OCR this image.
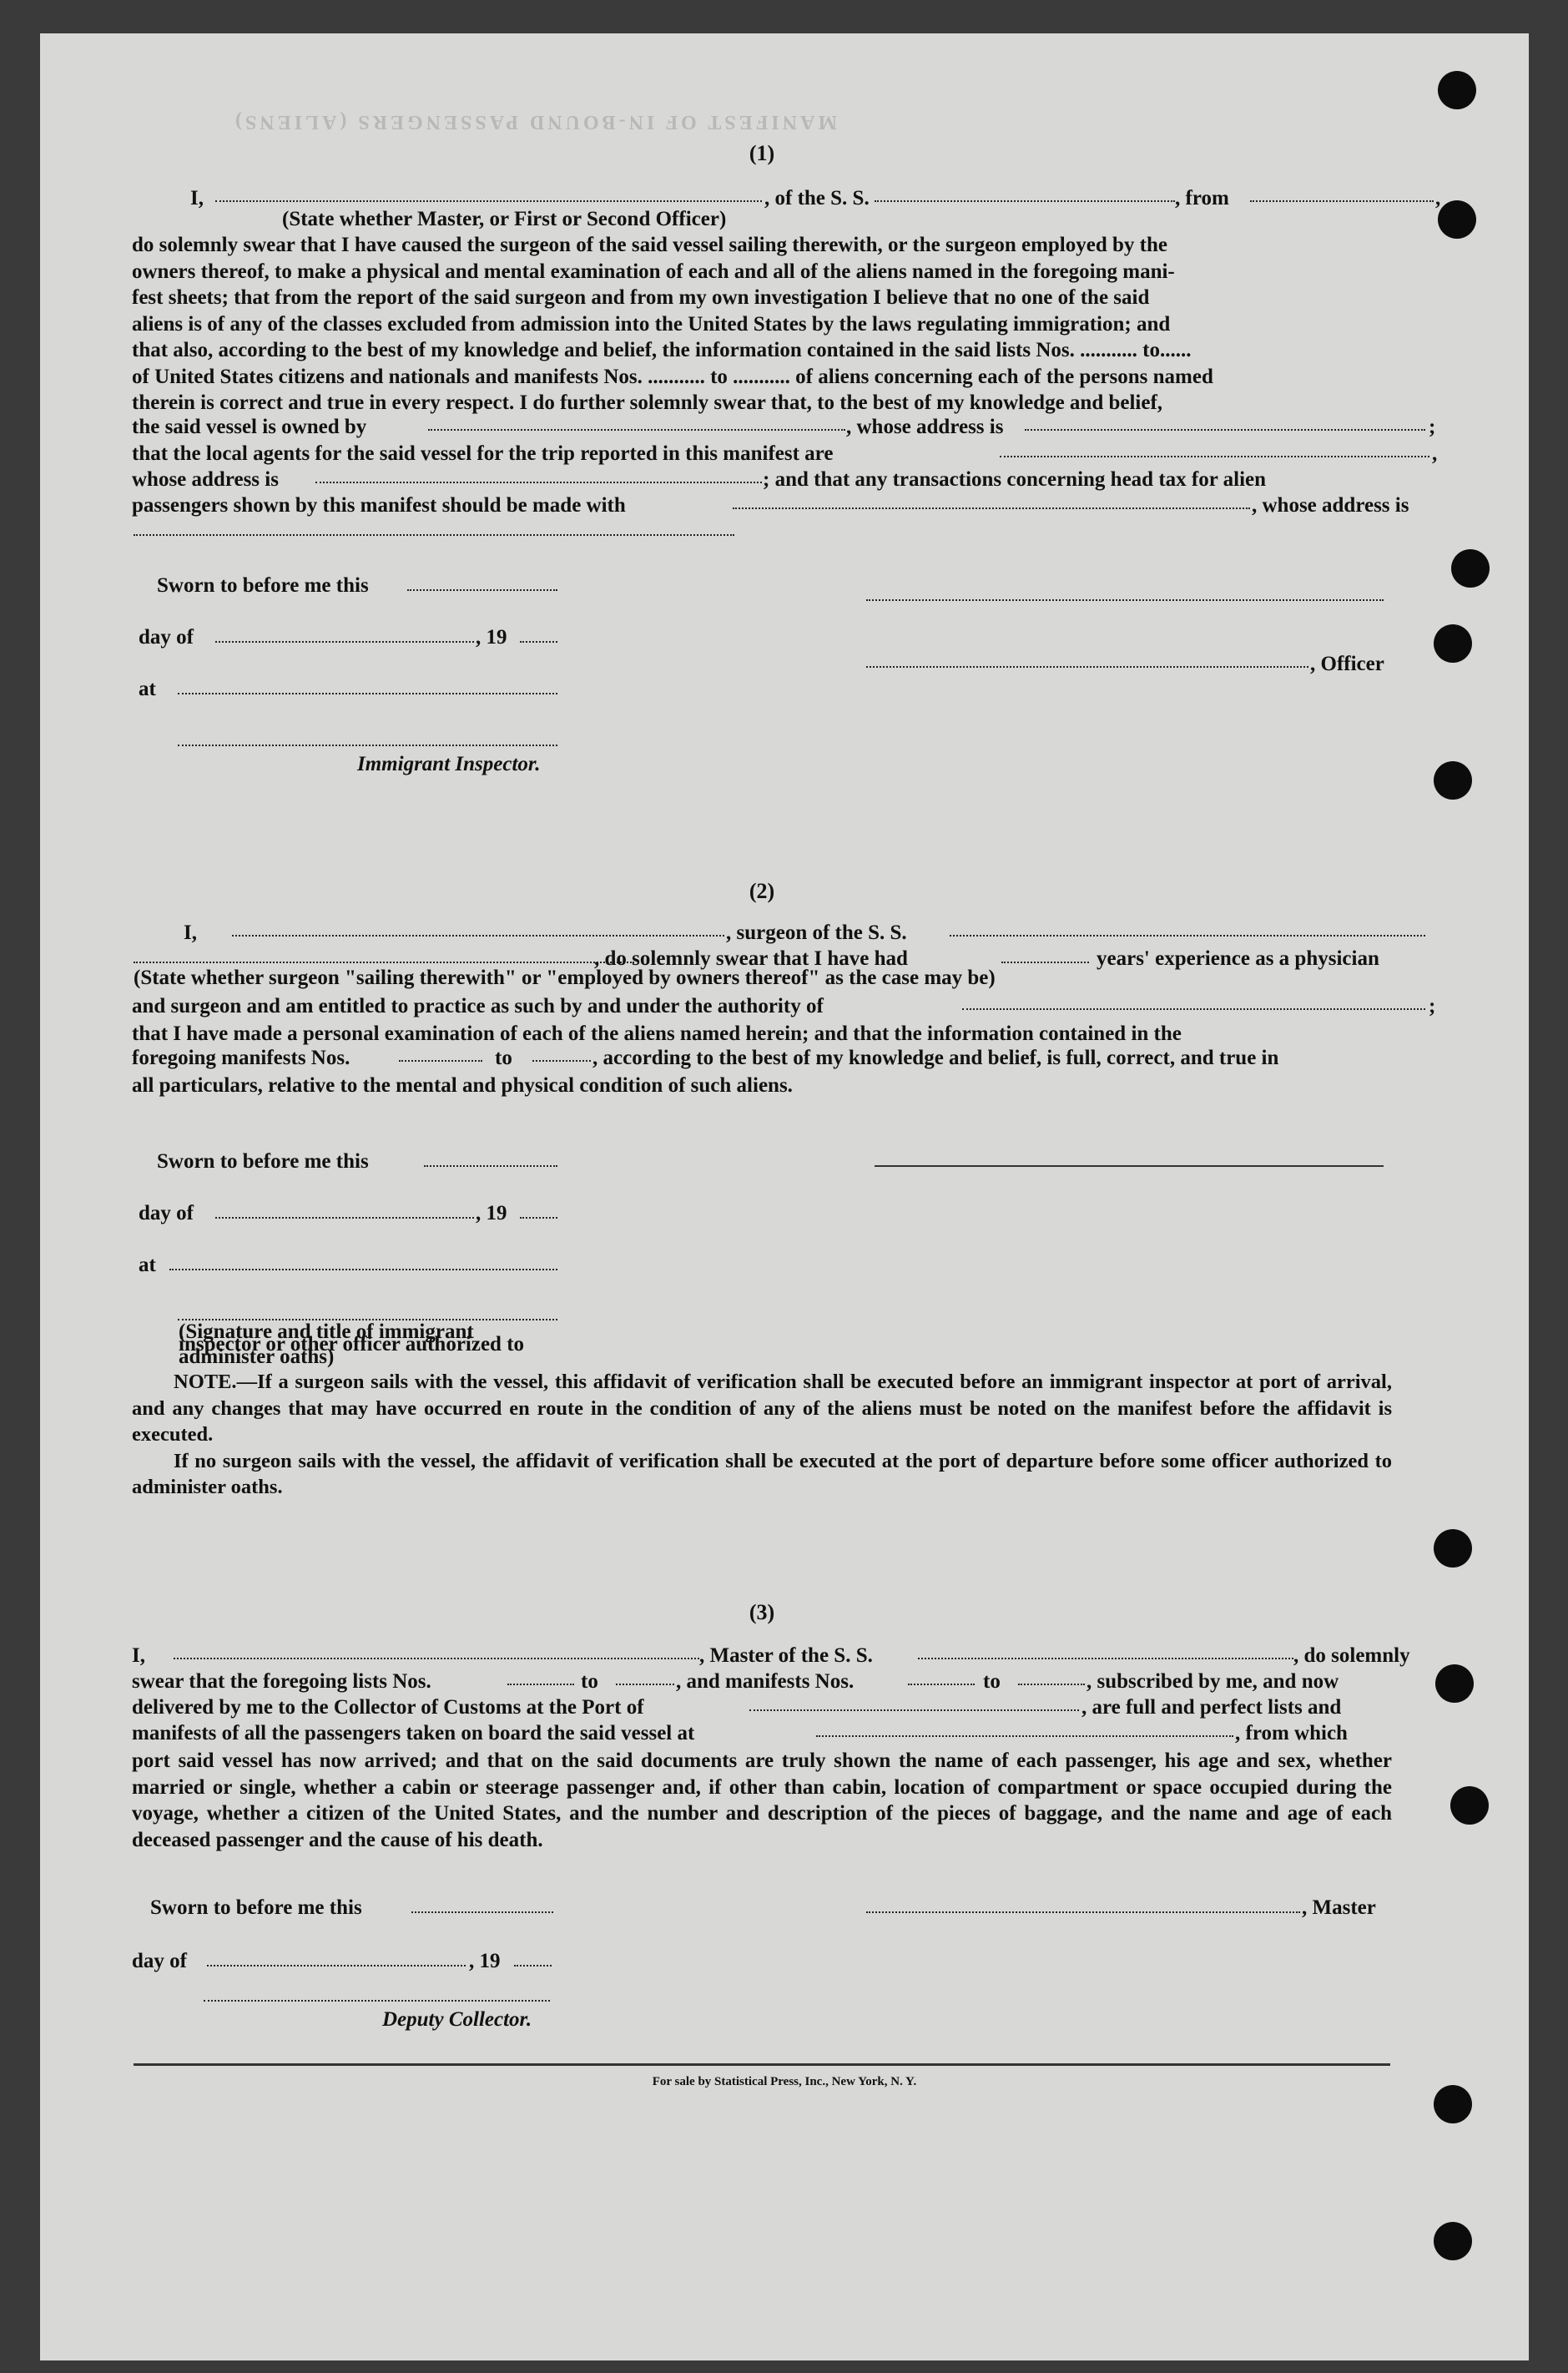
MANIFEST OF IN-BOUND PASSENGERS (ALIENS)
(1)
I,	, of the S. S.	, from	,
(State whether Master, or First or Second Officer)

do solemnly swear that I have caused the surgeon of the said vessel sailing therewith, or the surgeon employed by the

owners thereof, to make a physical and mental examination of each and all of the aliens named in the foregoing mani-

fest sheets; that from the report of the said surgeon and from my own investigation I believe that no one of the said

aliens is of any of the classes excluded from admission into the United States by the laws regulating immigration; and

that also, according to the best of my knowledge and belief, the information contained in the said lists Nos. ........... to......

of United States citizens and nationals and manifests Nos. ........... to ........... of aliens concerning each of the persons named

therein is correct and true in every respect. I do further solemnly swear that, to the best of my knowledge and belief,

the said vessel is owned by	, whose address is	;
that the local agents for the said vessel for the trip reported in this manifest are	,
whose address is	; and that any transactions concerning head tax for alien
passengers shown by this manifest should be made with	, whose address is
Sworn to before me this
day of	, 19
, Officer
at
Immigrant Inspector.
(2)
I,	, surgeon of the S. S.
, do solemnly swear that I have had	years' experience as a physician
(State whether surgeon "sailing therewith" or "employed by owners thereof" as the case may be)
and surgeon and am entitled to practice as such by and under the authority of	;

that I have made a personal examination of each of the aliens named herein; and that the information contained in the

foregoing manifests Nos.	to	, according to the best of my knowledge and belief, is full, correct, and true in

all particulars, relative to the mental and physical condition of such aliens.

Sworn to before me this
day of	, 19
at
(Signature and title of immigrant inspector or other officer authorized to administer oaths)

NOTE.—If a surgeon sails with the vessel, this affidavit of verification shall be executed before an immigrant inspector at port of arrival, and any changes that may have occurred en route in the condition of any of the aliens must be noted on the manifest before the affidavit is executed.

If no surgeon sails with the vessel, the affidavit of verification shall be executed at the port of departure before some officer authorized to administer oaths.

(3)
I,	, Master of the S. S.	, do solemnly
swear that the foregoing lists Nos.	to	, and manifests Nos.	to	, subscribed by me, and now
delivered by me to the Collector of Customs at the Port of	, are full and perfect lists and
manifests of all the passengers taken on board the said vessel at	, from which

port said vessel has now arrived; and that on the said documents are truly shown the name of each passenger, his age and sex, whether married or single, whether a cabin or steerage passenger and, if other than cabin, location of compartment or space occupied during the voyage, whether a citizen of the United States, and the number and description of the pieces of baggage, and the name and age of each deceased passenger and the cause of his death.

Sworn to before me this	, Master
day of	, 19
Deputy Collector.
For sale by Statistical Press, Inc., New York, N. Y.
